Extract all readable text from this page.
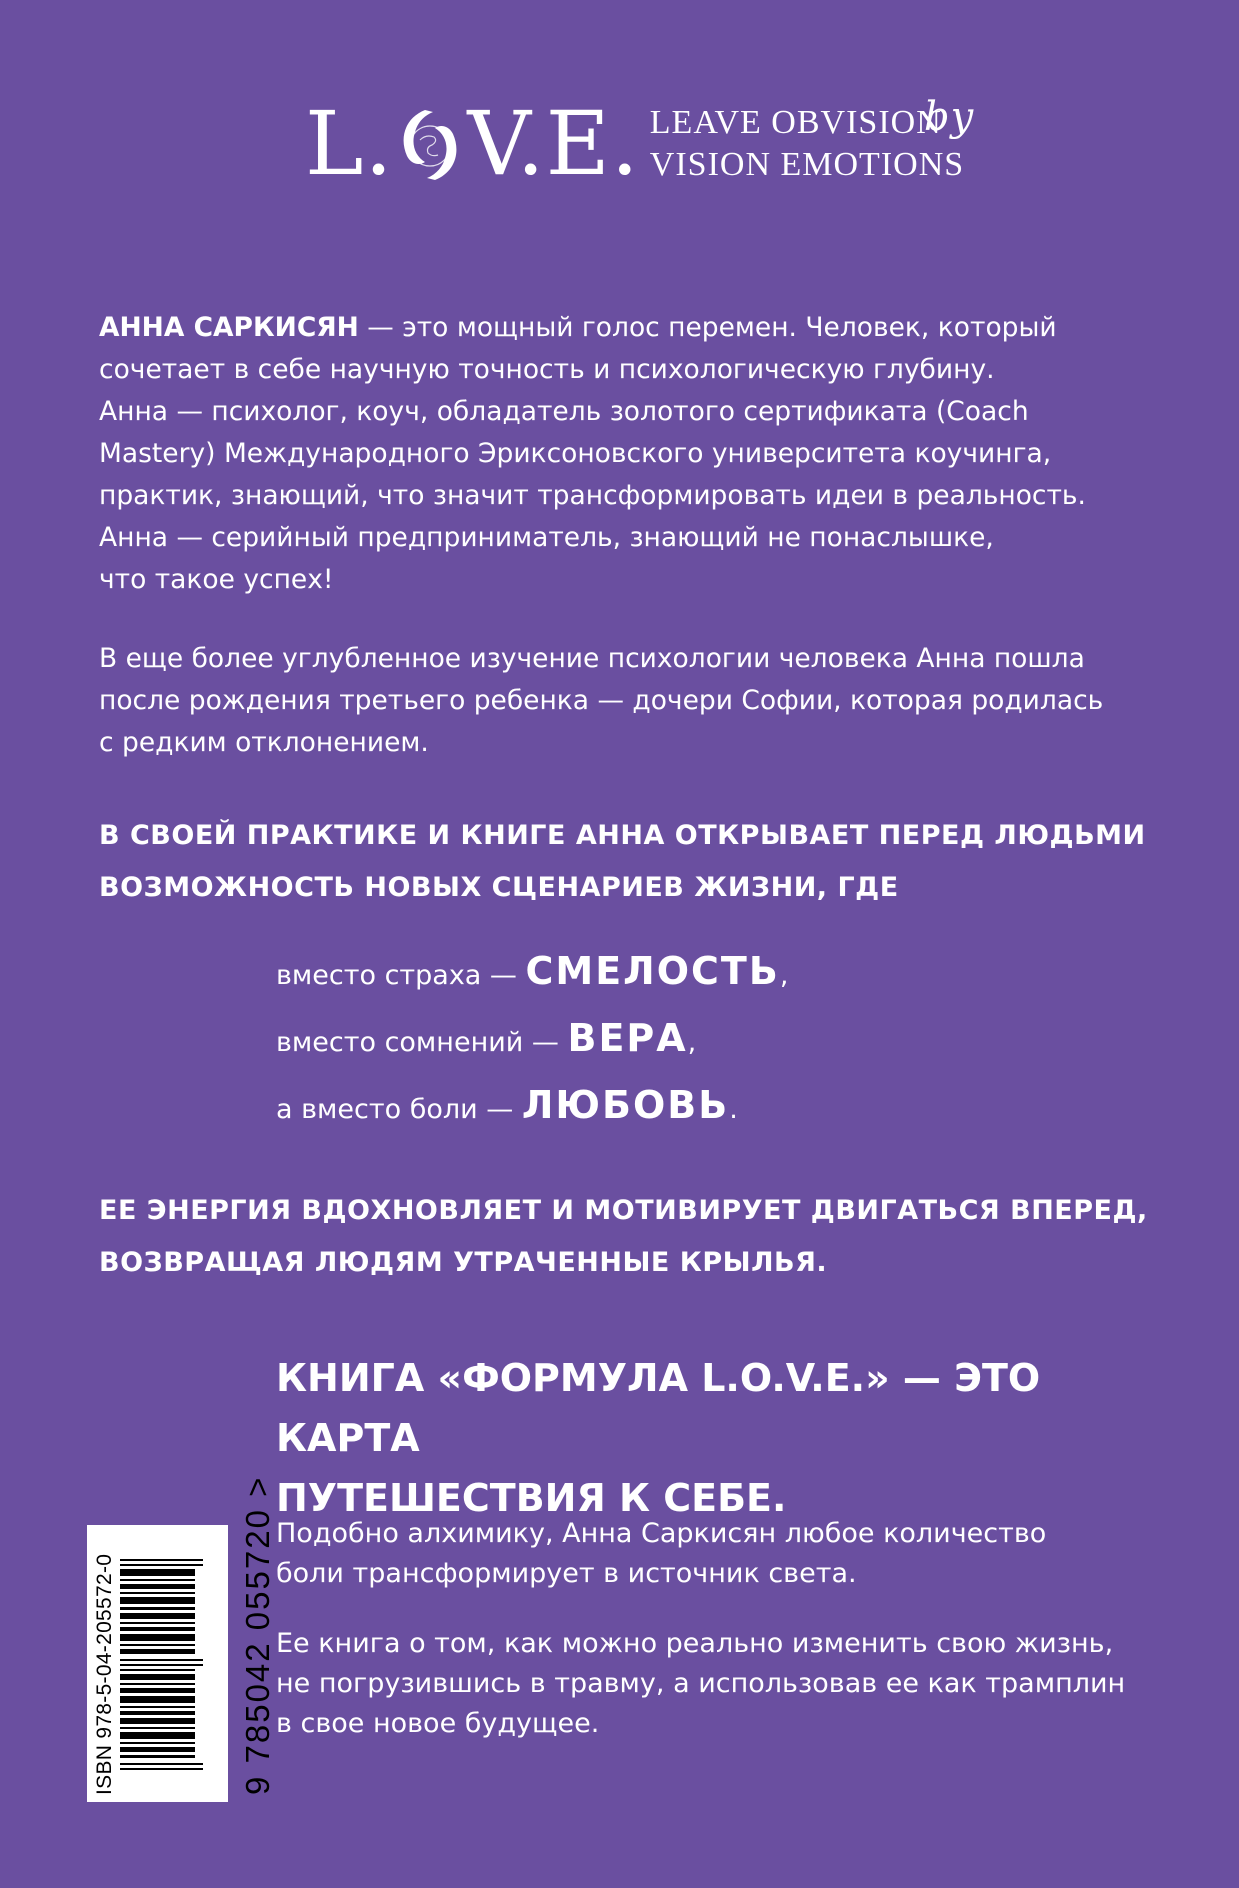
L. V.E. LEAVE OBVISION
VISION EMOTIONS
by
АННА САРКИСЯН — это мощный голос перемен. Человек, который
сочетает в себе научную точность и психологическую глубину.
Анна — психолог, коуч, обладатель золотого сертификата (Coach
Mastery) Международного Эриксоновского университета коучинга,
практик, знающий, что значит трансформировать идеи в реальность.
Анна — серийный предприниматель, знающий не понаслышке,
что такое успех!
В еще более углубленное изучение психологии человека Анна пошла
после рождения третьего ребенка — дочери Софии, которая родилась
с редким отклонением.
В СВОЕЙ ПРАКТИКЕ И КНИГЕ АННА ОТКРЫВАЕТ ПЕРЕД ЛЮДЬМИ
ВОЗМОЖНОСТЬ НОВЫХ СЦЕНАРИЕВ ЖИЗНИ, ГДЕ
вместо страха — СМЕЛОСТЬ,
вместо сомнений — ВЕРА,
а вместо боли — ЛЮБОВЬ.
ЕЕ ЭНЕРГИЯ ВДОХНОВЛЯЕТ И МОТИВИРУЕТ ДВИГАТЬСЯ ВПЕРЕД,
ВОЗВРАЩАЯ ЛЮДЯМ УТРАЧЕННЫЕ КРЫЛЬЯ.
КНИГА «ФОРМУЛА L.O.V.E.» — ЭТО КАРТА
ПУТЕШЕСТВИЯ К СЕБЕ.
Подобно алхимику, Анна Саркисян любое количество
боли трансформирует в источник света.
Ее книга о том, как можно реально изменить свою жизнь,
не погрузившись в травму, а использовав ее как трамплин
в свое новое будущее.
ISBN 978-5-04-205572-0	9 785042 055720 >
